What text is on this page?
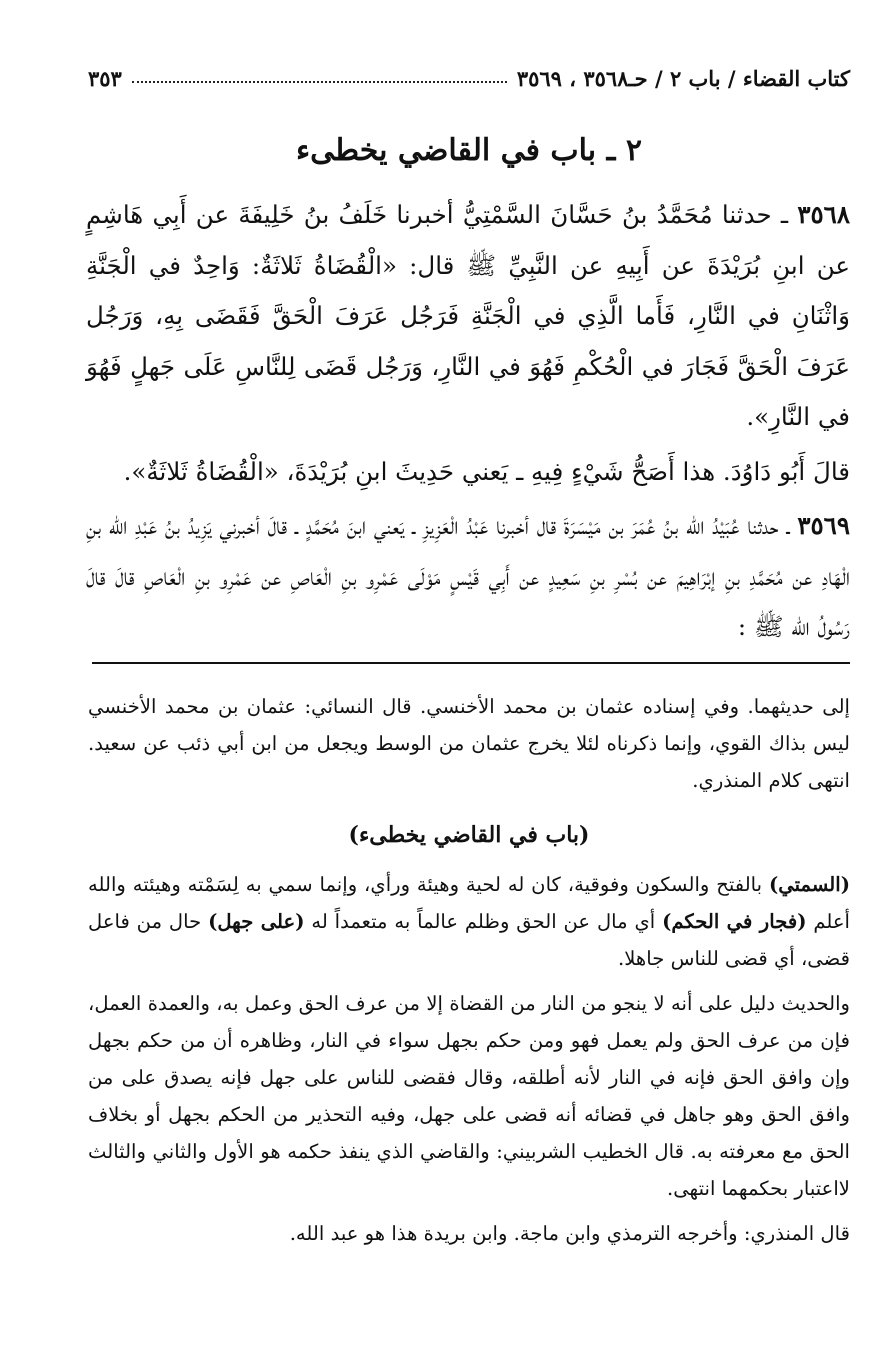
كتاب القضاء / باب ٢ / حـ٣٥٦٨ ، ٣٥٦٩
٣٥٣
٢ ـ باب في القاضي يخطىء

٣٥٦٨ ـ حدثنا مُحَمَّدُ بنُ حَسَّانَ السَّمْتِيُّ أخبرنا خَلَفُ بنُ خَلِيفَةَ عن أَبِي هَاشِمٍ عن ابنِ بُرَيْدَةَ عن أَبِيهِ عن النَّبِيِّ ﷺ قال: «الْقُضَاةُ ثَلاثَةٌ: وَاحِدٌ في الْجَنَّةِ وَاثْنَانِ في النَّارِ، فَأَما الَّذِي في الْجَنَّةِ فَرَجُل عَرَفَ الْحَقَّ فَقَضَى بِهِ، وَرَجُل عَرَفَ الْحَقَّ فَجَارَ في الْحُكْمِ فَهُوَ في النَّارِ، وَرَجُل قَضَى لِلنَّاسِ عَلَى جَهلٍ فَهُوَ في النَّارِ».

قالَ أَبُو دَاوُدَ. هذا أَصَحُّ شَيْءٍ فِيهِ ـ يَعني حَدِيثَ ابنِ بُرَيْدَةَ، «الْقُضَاةُ ثَلاثَةٌ».

٣٥٦٩ ـ حدثنا عُبَيْدُ الله بنُ عُمَرَ بن مَيْسَرَةَ قال أخبرنا عَبْدُ الْعَزِيزِ ـ يَعني ابنَ مُحَمَّدٍ ـ قالَ أخبرني يَزِيدُ بنُ عَبْدِ الله بنِ الْهَادِ عن مُحَمَّدِ بنِ إبْرَاهِيمَ عن بُسْرِ بنِ سَعِيدٍ عن أَبِي قَيْسٍ مَوْلَى عَمْرِو بنِ الْعَاصِ عن عَمْرِو بنِ الْعَاصِ قالَ قالَ رَسُولُ الله ﷺ :

إلى حديثهما. وفي إسناده عثمان بن محمد الأخنسي. قال النسائي: عثمان بن محمد الأخنسي ليس بذاك القوي، وإنما ذكرناه لئلا يخرج عثمان من الوسط ويجعل من ابن أبي ذئب عن سعيد. انتهى كلام المنذري.

(باب في القاضي يخطىء)

(السمتي) بالفتح والسكون وفوقية، كان له لحية وهيئة ورأي، وإنما سمي به لِسَمْته وهيئته والله أعلم (فجار في الحكم) أي مال عن الحق وظلم عالماً به متعمداً له (على جهل) حال من فاعل قضى، أي قضى للناس جاهلا.

والحديث دليل على أنه لا ينجو من النار من القضاة إلا من عرف الحق وعمل به، والعمدة العمل، فإن من عرف الحق ولم يعمل فهو ومن حكم بجهل سواء في النار، وظاهره أن من حكم بجهل وإن وافق الحق فإنه في النار لأنه أطلقه، وقال فقضى للناس على جهل فإنه يصدق على من وافق الحق وهو جاهل في قضائه أنه قضى على جهل، وفيه التحذير من الحكم بجهل أو بخلاف الحق مع معرفته به. قال الخطيب الشربيني: والقاضي الذي ينفذ حكمه هو الأول والثاني والثالث لااعتبار بحكمهما انتهى.

قال المنذري: وأخرجه الترمذي وابن ماجة. وابن بريدة هذا هو عبد الله.
